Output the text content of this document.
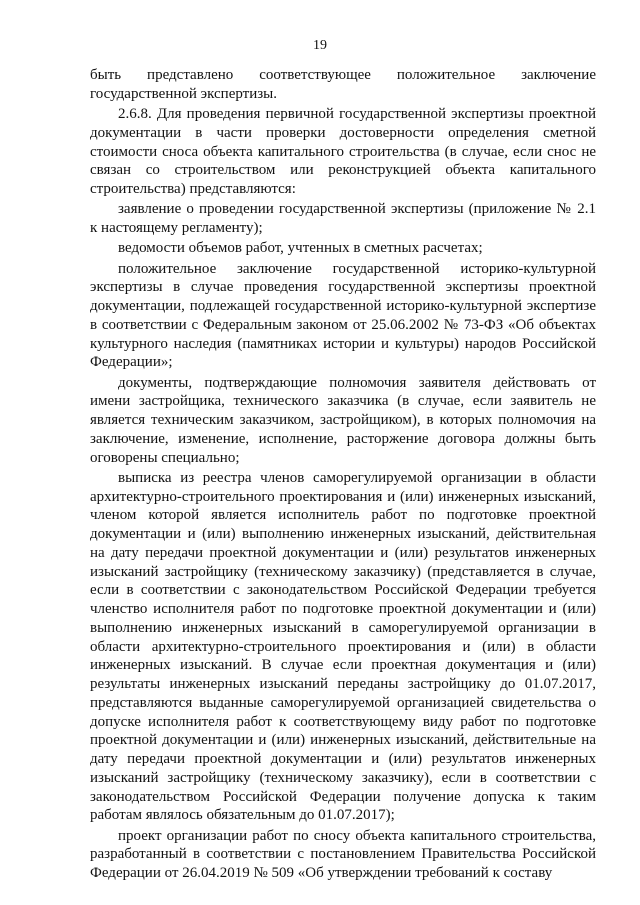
19

быть представлено соответствующее положительное заключение государственной экспертизы.

2.6.8. Для проведения первичной государственной экспертизы проектной документации в части проверки достоверности определения сметной стоимости сноса объекта капитального строительства (в случае, если снос не связан со строительством или реконструкцией объекта капитального строительства) представляются:

заявление о проведении государственной экспертизы (приложение № 2.1 к настоящему регламенту);

ведомости объемов работ, учтенных в сметных расчетах;

положительное заключение государственной историко-культурной экспертизы в случае проведения государственной экспертизы проектной документации, подлежащей государственной историко-культурной экспертизе в соответствии с Федеральным законом от 25.06.2002 № 73-ФЗ «Об объектах культурного наследия (памятниках истории и культуры) народов Российской Федерации»;

документы, подтверждающие полномочия заявителя действовать от имени застройщика, технического заказчика (в случае, если заявитель не является техническим заказчиком, застройщиком), в которых полномочия на заключение, изменение, исполнение, расторжение договора должны быть оговорены специально;

выписка из реестра членов саморегулируемой организации в области архитектурно-строительного проектирования и (или) инженерных изысканий, членом которой является исполнитель работ по подготовке проектной документации и (или) выполнению инженерных изысканий, действительная на дату передачи проектной документации и (или) результатов инженерных изысканий застройщику (техническому заказчику) (представляется в случае, если в соответствии с законодательством Российской Федерации требуется членство исполнителя работ по подготовке проектной документации и (или) выполнению инженерных изысканий в саморегулируемой организации в области архитектурно-строительного проектирования и (или) в области инженерных изысканий. В случае если проектная документация и (или) результаты инженерных изысканий переданы застройщику до 01.07.2017, представляются выданные саморегулируемой организацией свидетельства о допуске исполнителя работ к соответствующему виду работ по подготовке проектной документации и (или) инженерных изысканий, действительные на дату передачи проектной документации и (или) результатов инженерных изысканий застройщику (техническому заказчику), если в соответствии с законодательством Российской Федерации получение допуска к таким работам являлось обязательным до 01.07.2017);

проект организации работ по сносу объекта капитального строительства, разработанный в соответствии с постановлением Правительства Российской Федерации от 26.04.2019 № 509 «Об утверждении требований к составу
